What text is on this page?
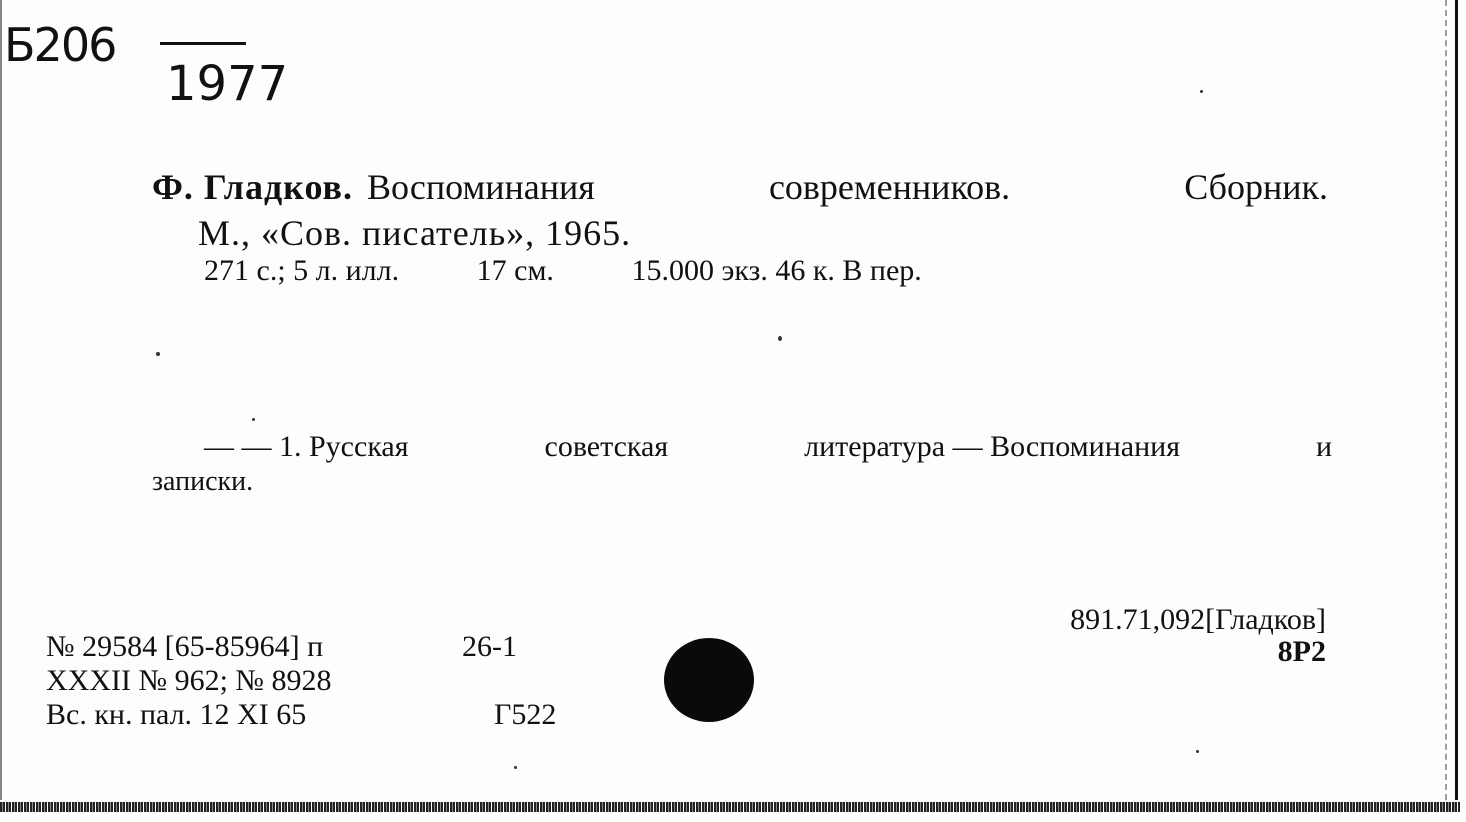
Б206
1977
Ф. Гладков. Воспоминания	современников.	Сборник.
М., «Сов. писатель», 1965.
271 с.; 5 л. илл.	17 см.	15.000 экз. 46 к. В пер.
— — 1. Русская	советская	литература — Воспоминания	и
записки.
№ 29584 [65-85964] п	26-1
XXXII № 962; № 8928
Вс. кн. пал. 12 XI 65	Г522
891.71,092[Гладков]
8Р2
